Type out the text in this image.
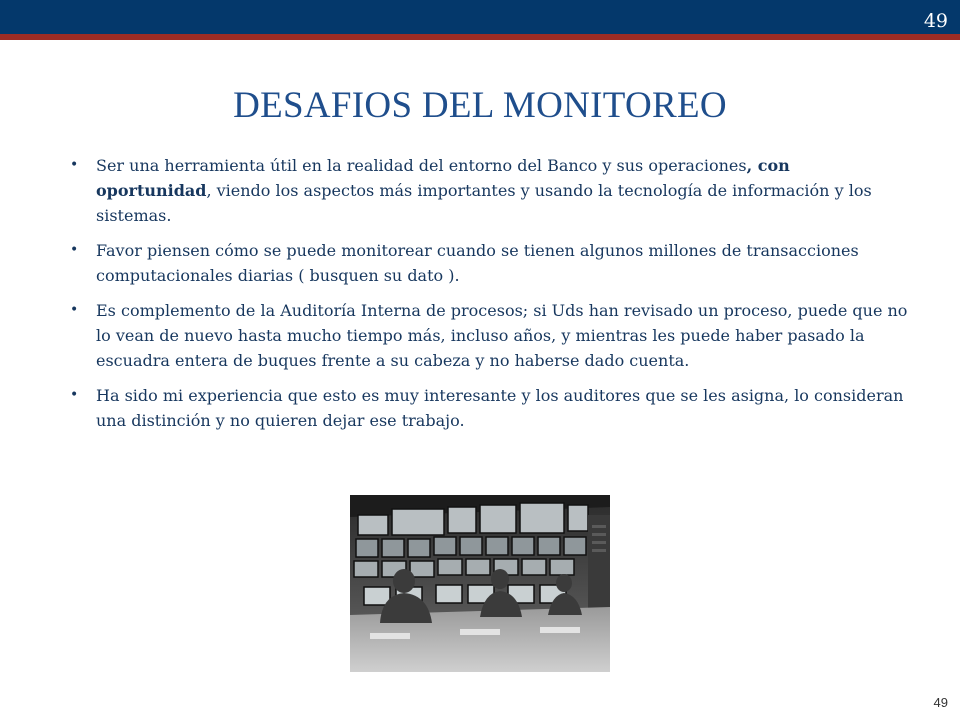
49
DESAFIOS DEL MONITOREO
•	Ser una herramienta útil en la realidad del entorno del Banco y sus operaciones, con oportunidad, viendo los aspectos más importantes y usando la tecnología de información y los sistemas.
•	Favor piensen cómo se puede monitorear cuando se tienen algunos millones de transacciones computacionales diarias ( busquen su dato ).
•	Es complemento de la Auditoría Interna de procesos; si Uds han revisado un proceso, puede que no lo vean de nuevo hasta mucho tiempo más, incluso años, y mientras les puede haber pasado la escuadra entera de buques frente a su cabeza y no haberse dado cuenta.
•	Ha sido mi experiencia que esto es muy interesante y los auditores que se les asigna, lo consideran una distinción y no quieren dejar ese trabajo.
49
